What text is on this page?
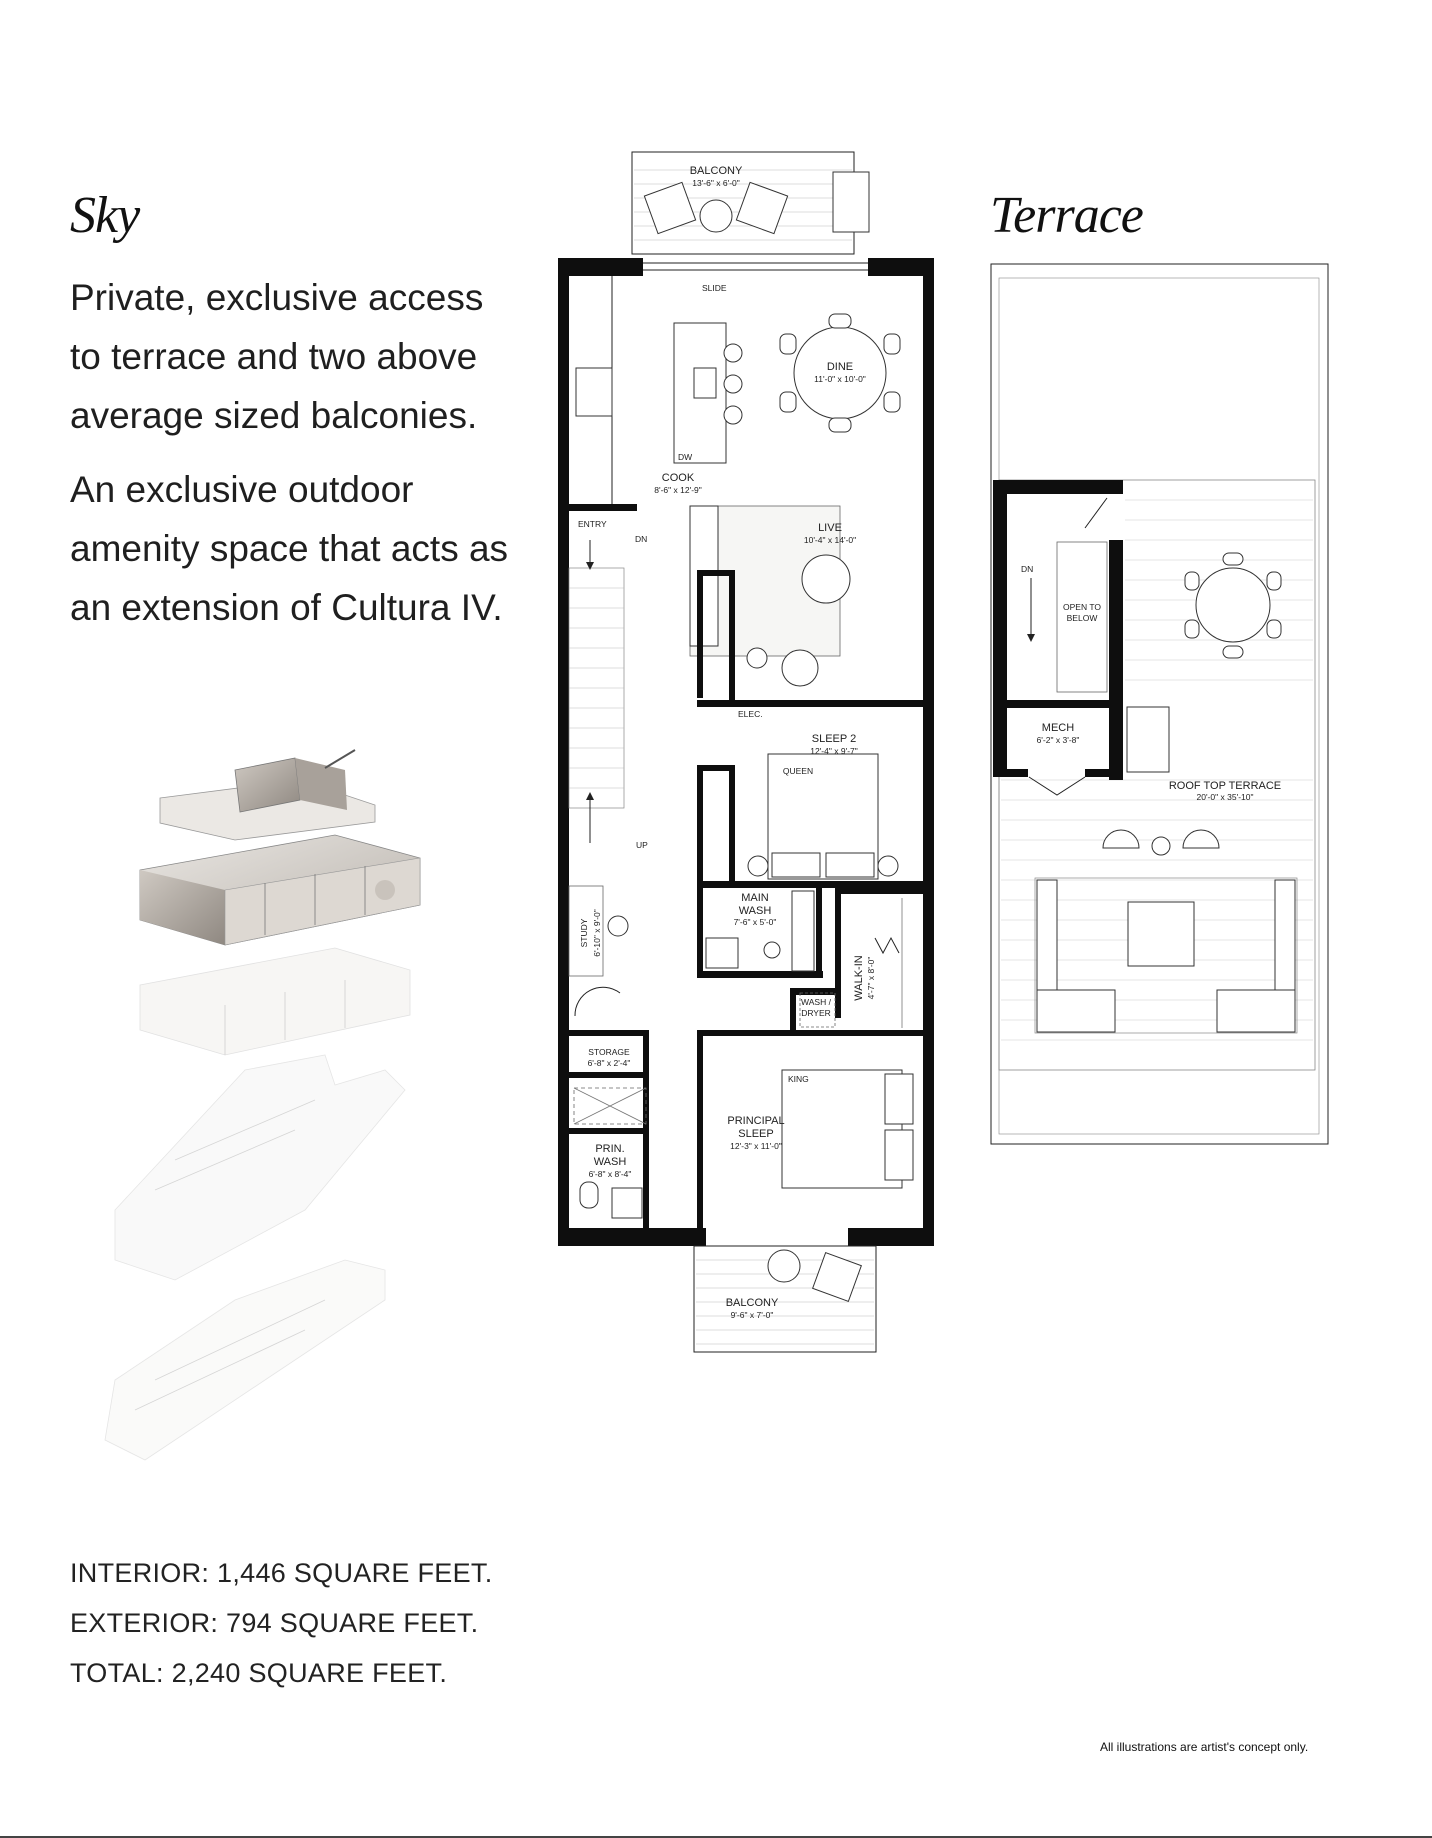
Sky
Private, exclusive access to terrace and two above average sized balconies.
An exclusive outdoor amenity space that acts as an extension of Cultura IV.
Terrace
BALCONY
13'-6" x 6'-0"
SLIDE
DW
COOK
8'-6" x 12'-9"
DINE
11'-0" x 10'-0"
ENTRY
DN
UP
LIVE
10'-4" x 14'-0"
ELEC.
SLEEP 2
12'-4" x 9'-7"
QUEEN
STUDY 6'-10" x 9'-0"
MAIN
WASH
7'-6" x 5'-0"
WALK-IN 4'-7" x 8'-0"
WASH /
DRYER
STORAGE
6'-8" x 2'-4"
KING
PRINCIPAL
SLEEP
12'-3" x 11'-0"
PRIN.
WASH
6'-8" x 8'-4"
BALCONY
9'-6" x 7'-0"
OPEN TO
BELOW
DN
MECH
6'-2" x 3'-8"
ROOF TOP TERRACE
20'-0" x 35'-10"
INTERIOR: 1,446 SQUARE FEET.
EXTERIOR: 794 SQUARE FEET.
TOTAL: 2,240 SQUARE FEET.
All illustrations are artist's concept only.
